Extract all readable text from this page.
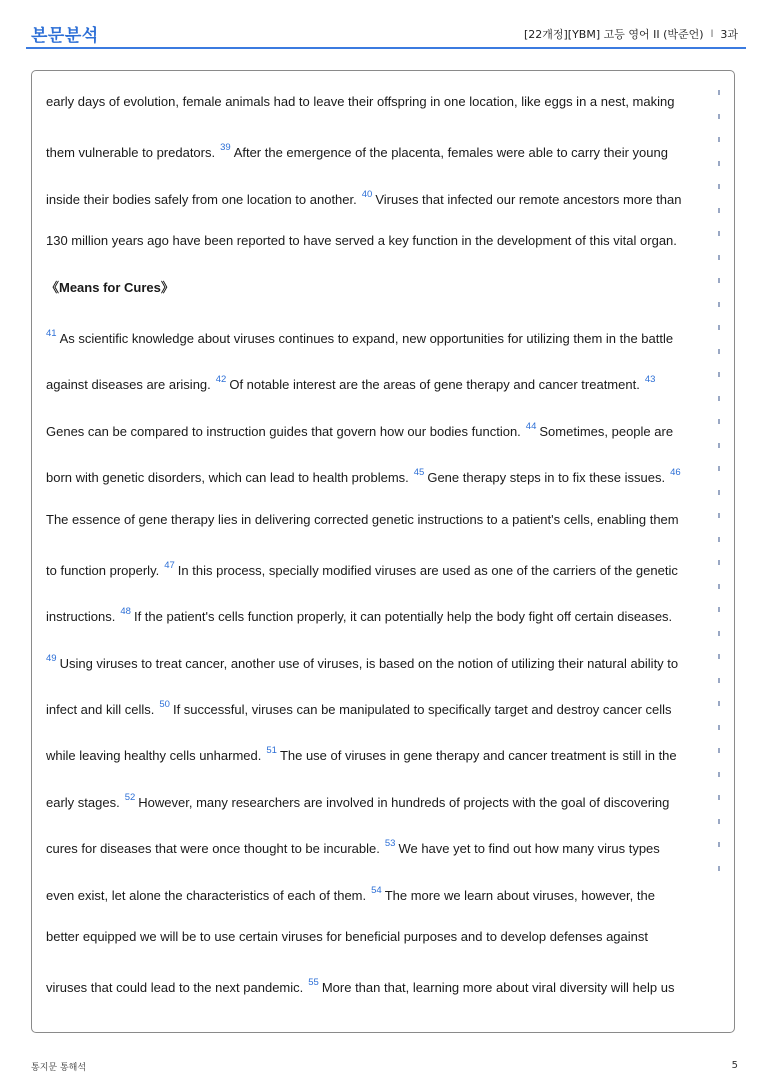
본문분석	[22개정][YBM] 고등 영어 II (박준언) l 3과
early days of evolution, female animals had to leave their offspring in one location, like eggs in a nest, making
them vulnerable to predators. $^{39}$ After the emergence of the placenta, females were able to carry their young
inside their bodies safely from one location to another. $^{40}$ Viruses that infected our remote ancestors more than
130 million years ago have been reported to have served a key function in the development of this vital organ.
《Means for Cures》
$^{41}$ As scientific knowledge about viruses continues to expand, new opportunities for utilizing them in the battle
against diseases are arising. $^{42}$ Of notable interest are the areas of gene therapy and cancer treatment. $^{43}$
Genes can be compared to instruction guides that govern how our bodies function. $^{44}$ Sometimes, people are
born with genetic disorders, which can lead to health problems. $^{45}$ Gene therapy steps in to fix these issues. $^{46}$
The essence of gene therapy lies in delivering corrected genetic instructions to a patient's cells, enabling them
to function properly. $^{47}$ In this process, specially modified viruses are used as one of the carriers of the genetic
instructions. $^{48}$ If the patient's cells function properly, it can potentially help the body fight off certain diseases.
$^{49}$ Using viruses to treat cancer, another use of viruses, is based on the notion of utilizing their natural ability to
infect and kill cells. $^{50}$ If successful, viruses can be manipulated to specifically target and destroy cancer cells
while leaving healthy cells unharmed. $^{51}$ The use of viruses in gene therapy and cancer treatment is still in the
early stages. $^{52}$ However, many researchers are involved in hundreds of projects with the goal of discovering
cures for diseases that were once thought to be incurable. $^{53}$ We have yet to find out how many virus types
even exist, let alone the characteristics of each of them. $^{54}$ The more we learn about viruses, however, the
better equipped we will be to use certain viruses for beneficial purposes and to develop defenses against
viruses that could lead to the next pandemic. $^{55}$ More than that, learning more about viral diversity will help us
통지문 통해석	5
